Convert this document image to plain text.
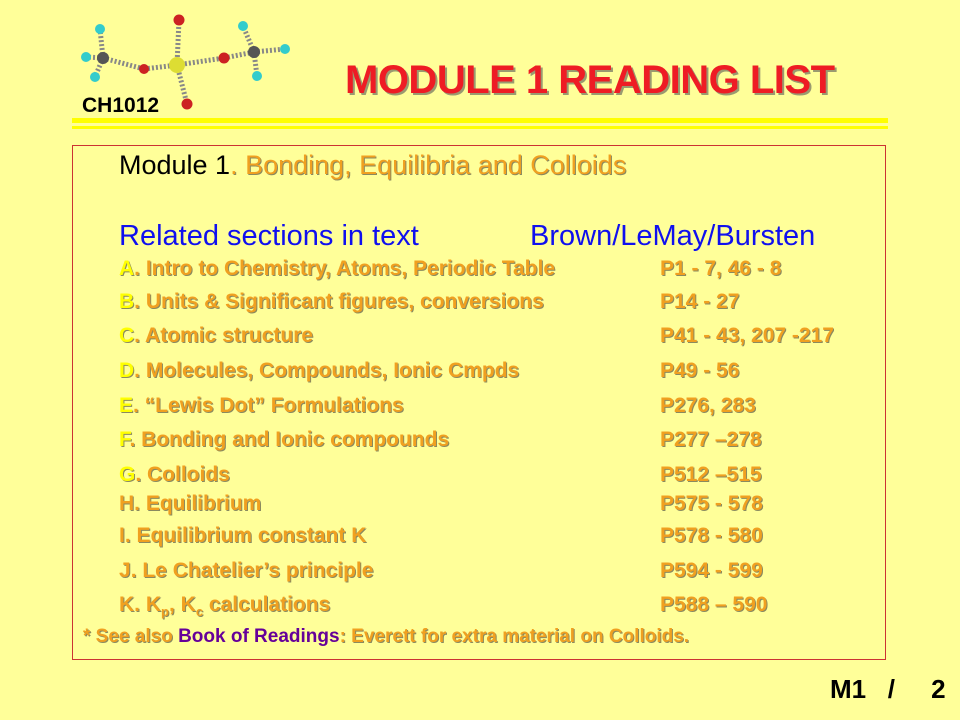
CH1012
MODULE 1 READING LIST
Module 1. Bonding, Equilibria and Colloids
Related sections in text	Brown/LeMay/Bursten
A. Intro to Chemistry, Atoms, Periodic Table	P1 - 7, 46 - 8
B. Units & Significant figures, conversions	P14 - 27
C. Atomic structure	P41 - 43, 207 -217
D. Molecules, Compounds, Ionic Cmpds	P49 - 56
E. “Lewis Dot” Formulations	P276, 283
F. Bonding and Ionic compounds	P277 –278
G. Colloids	P512 –515
H. Equilibrium	P575 - 578
I. Equilibrium constant K	P578 - 580
J. Le Chatelier’s principle	P594 - 599
K. $K_p$, $K_c$ calculations	P588 – 590
* See also Book of Readings: Everett for extra material on Colloids.
M1 / 2
